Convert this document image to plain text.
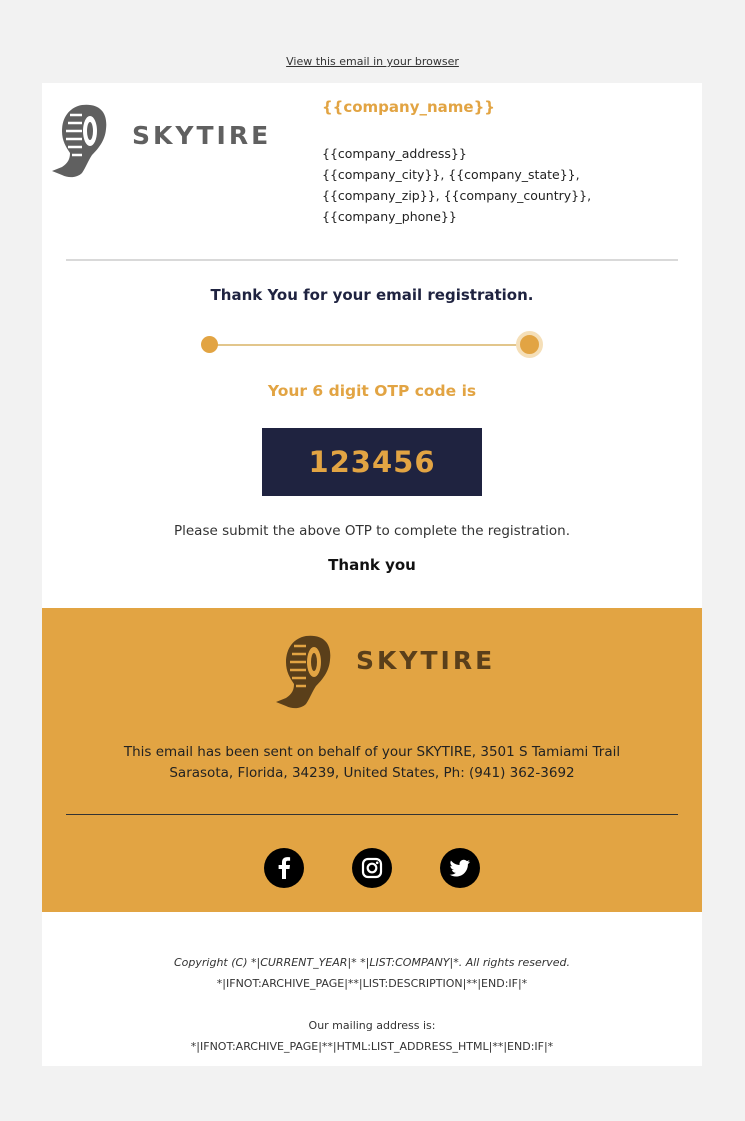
View this email in your browser
SKYTIRE
{{company_name}}
{{company_address}}
{{company_city}}, {{company_state}},
{{company_zip}}, {{company_country}},
{{company_phone}}
Thank You for your email registration.
Your 6 digit OTP code is
123456
Please submit the above OTP to complete the registration.
Thank you
SKYTIRE
This email has been sent on behalf of your SKYTIRE, 3501 S Tamiami Trail
Sarasota, Florida, 34239, United States, Ph: (941) 362-3692
Copyright (C) *|CURRENT_YEAR|* *|LIST:COMPANY|*. All rights reserved.
*|IFNOT:ARCHIVE_PAGE|**|LIST:DESCRIPTION|**|END:IF|*
Our mailing address is:
*|IFNOT:ARCHIVE_PAGE|**|HTML:LIST_ADDRESS_HTML|**|END:IF|*
